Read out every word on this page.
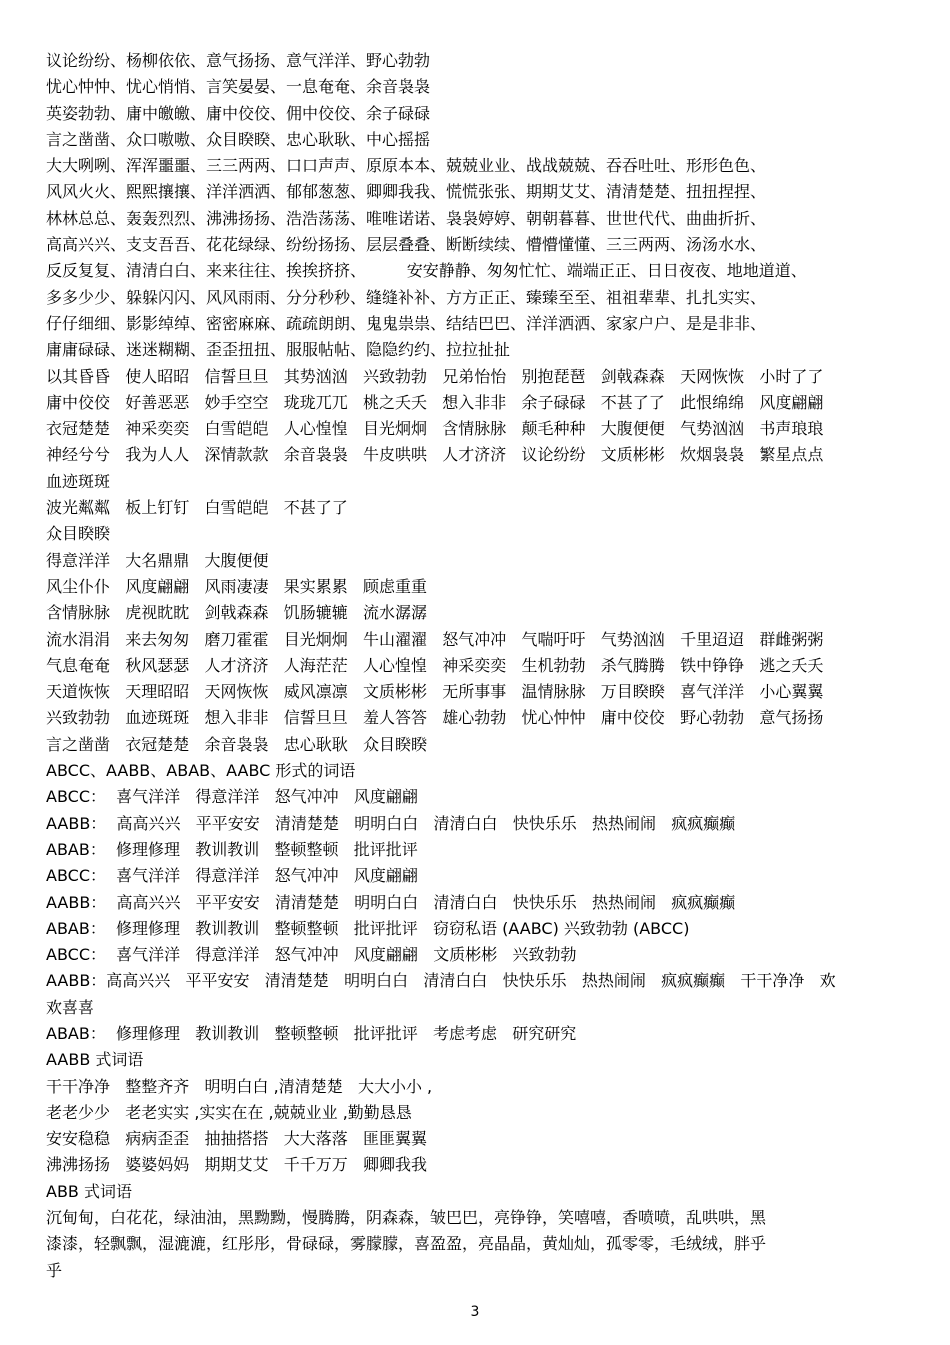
议论纷纷、杨柳依依、意气扬扬、意气洋洋、野心勃勃

忧心忡忡、忧心悄悄、言笑晏晏、一息奄奄、余音袅袅

英姿勃勃、庸中皦皦、庸中佼佼、佣中佼佼、余子碌碌

言之凿凿、众口嗷嗷、众目睽睽、忠心耿耿、中心摇摇

大大咧咧、浑浑噩噩、三三两两、口口声声、原原本本、兢兢业业、战战兢兢、吞吞吐吐、形形色色、

风风火火、熙熙攘攘、洋洋洒洒、郁郁葱葱、卿卿我我、慌慌张张、期期艾艾、清清楚楚、扭扭捏捏、

林林总总、轰轰烈烈、沸沸扬扬、浩浩荡荡、唯唯诺诺、袅袅婷婷、朝朝暮暮、世世代代、曲曲折折、

高高兴兴、支支吾吾、花花绿绿、纷纷扬扬、层层叠叠、断断续续、懵懵懂懂、三三两两、汤汤水水、

反反复复、清清白白、来来往往、挨挨挤挤、        安安静静、匆匆忙忙、端端正正、日日夜夜、地地道道、

多多少少、躲躲闪闪、风风雨雨、分分秒秒、缝缝补补、方方正正、臻臻至至、祖祖辈辈、扎扎实实、

仔仔细细、影影绰绰、密密麻麻、疏疏朗朗、鬼鬼祟祟、结结巴巴、洋洋洒洒、家家户户、是是非非、

庸庸碌碌、迷迷糊糊、歪歪扭扭、服服帖帖、隐隐约约、拉拉扯扯

以其昏昏   使人昭昭   信誓旦旦   其势汹汹   兴致勃勃   兄弟怡怡   别抱琵琶   剑戟森森   天网恢恢   小时了了

庸中佼佼   好善恶恶   妙手空空   珑珑兀兀   桃之夭夭   想入非非   余子碌碌   不甚了了   此恨绵绵   风度翩翩

衣冠楚楚   神采奕奕   白雪皑皑   人心惶惶   目光炯炯   含情脉脉   颠毛种种   大腹便便   气势汹汹   书声琅琅

神经兮兮   我为人人   深情款款   余音袅袅   牛皮哄哄   人才济济   议论纷纷   文质彬彬   炊烟袅袅   繁星点点

血迹斑斑

波光粼粼   板上钉钉   白雪皑皑   不甚了了

众目睽睽

得意洋洋   大名鼎鼎   大腹便便

风尘仆仆   风度翩翩   风雨凄凄   果实累累   顾虑重重

含情脉脉   虎视眈眈   剑戟森森   饥肠辘辘   流水潺潺

流水涓涓   来去匆匆   磨刀霍霍   目光炯炯   牛山濯濯   怒气冲冲   气喘吁吁   气势汹汹   千里迢迢   群雌粥粥

气息奄奄   秋风瑟瑟   人才济济   人海茫茫   人心惶惶   神采奕奕   生机勃勃   杀气腾腾   铁中铮铮   逃之夭夭

天道恢恢   天理昭昭   天网恢恢   威风凛凛   文质彬彬   无所事事   温情脉脉   万目睽睽   喜气洋洋   小心翼翼

兴致勃勃   血迹斑斑   想入非非   信誓旦旦   羞人答答   雄心勃勃   忧心忡忡   庸中佼佼   野心勃勃   意气扬扬

言之凿凿   衣冠楚楚   余音袅袅   忠心耿耿   众目睽睽

ABCC、AABB、ABAB、AABC 形式的词语

ABCC：  喜气洋洋   得意洋洋   怒气冲冲   风度翩翩

AABB：  高高兴兴   平平安安   清清楚楚   明明白白   清清白白   快快乐乐   热热闹闹   疯疯癫癫

ABAB：  修理修理   教训教训   整顿整顿   批评批评

ABCC：  喜气洋洋   得意洋洋   怒气冲冲   风度翩翩

AABB：  高高兴兴   平平安安   清清楚楚   明明白白   清清白白   快快乐乐   热热闹闹   疯疯癫癫

ABAB：  修理修理   教训教训   整顿整顿   批评批评   窃窃私语 (AABC) 兴致勃勃 (ABCC)

ABCC：  喜气洋洋   得意洋洋   怒气冲冲   风度翩翩   文质彬彬   兴致勃勃

AABB：高高兴兴   平平安安   清清楚楚   明明白白   清清白白   快快乐乐   热热闹闹   疯疯癫癫   干干净净   欢

欢喜喜

ABAB：  修理修理   教训教训   整顿整顿   批评批评   考虑考虑   研究研究

AABB 式词语

干干净净   整整齐齐   明明白白 ,清清楚楚   大大小小 ,

老老少少   老老实实 ,实实在在 ,兢兢业业 ,勤勤恳恳

安安稳稳   病病歪歪   抽抽搭搭   大大落落   匪匪翼翼

沸沸扬扬   婆婆妈妈   期期艾艾   千千万万   卿卿我我

ABB 式词语

沉甸甸，白花花，绿油油，黑黝黝，慢腾腾，阴森森，皱巴巴，亮铮铮，笑嘻嘻，香喷喷，乱哄哄，黑

漆漆，轻飘飘，湿漉漉，红彤彤，骨碌碌，雾朦朦，喜盈盈，亮晶晶，黄灿灿，孤零零，毛绒绒，胖乎

乎

3
